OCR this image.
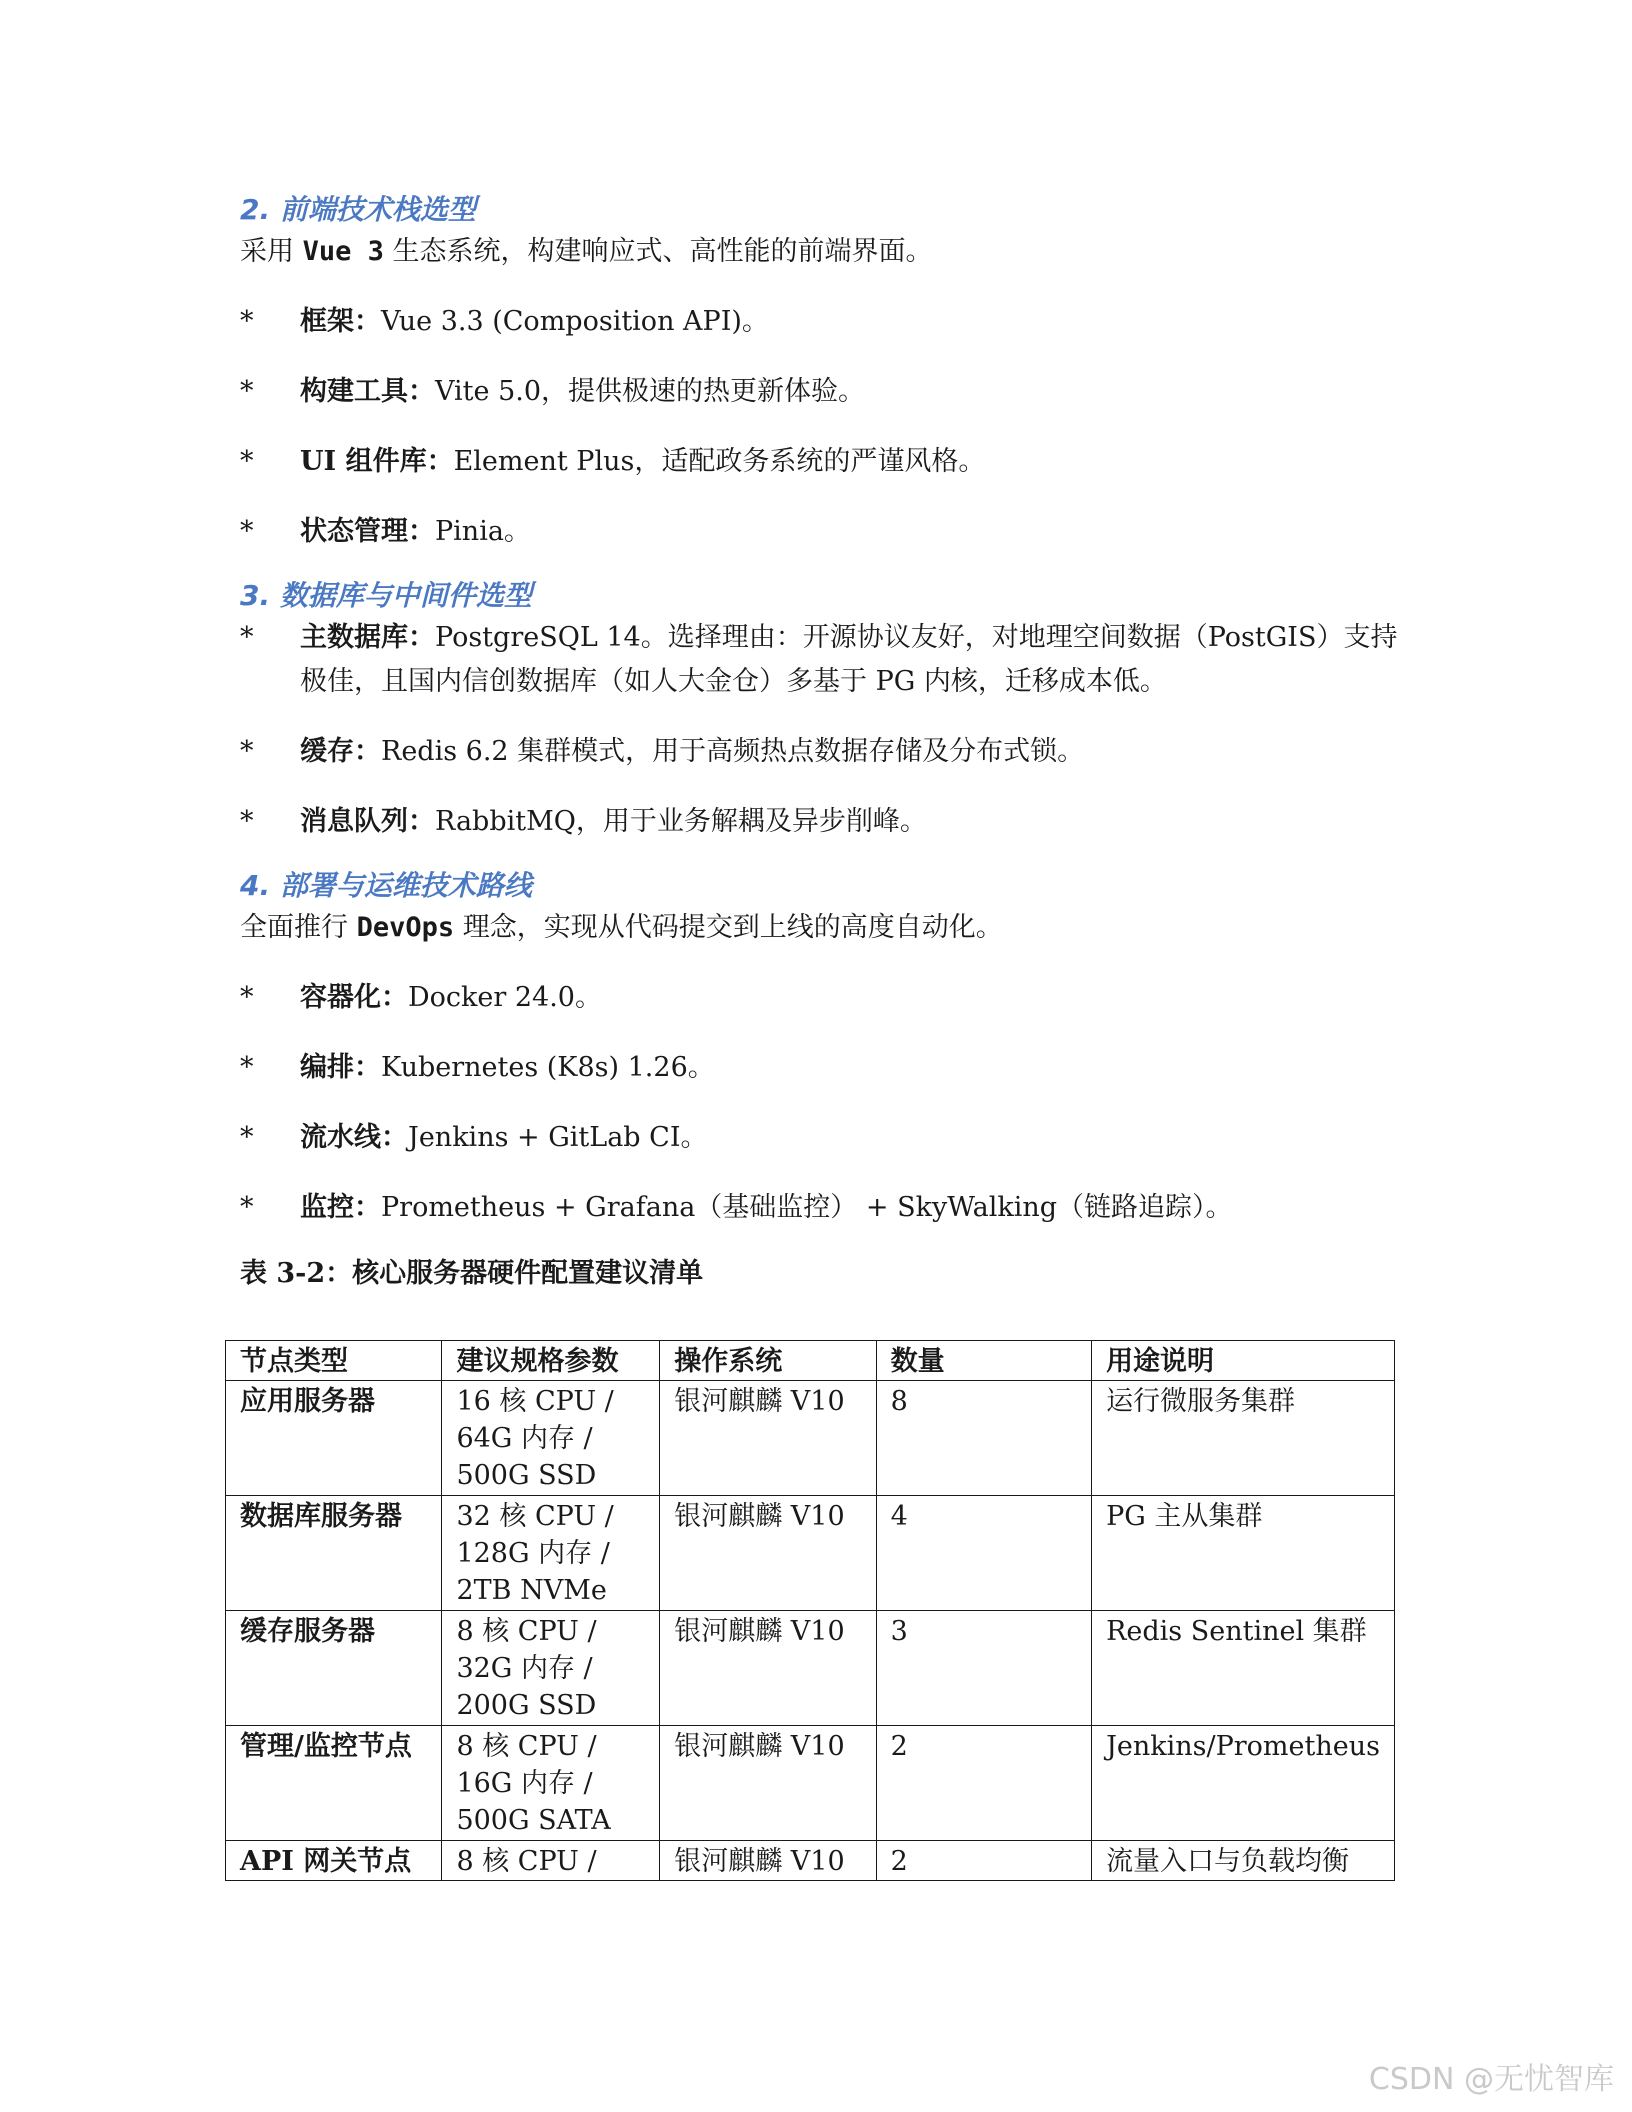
2. 前端技术栈选型

采用 Vue 3 生态系统，构建响应式、高性能的前端界面。

*	框架：Vue 3.3 (Composition API)。
*	构建工具：Vite 5.0，提供极速的热更新体验。
*	UI 组件库：Element Plus，适配政务系统的严谨风格。
*	状态管理：Pinia。

3. 数据库与中间件选型

*	主数据库：PostgreSQL 14。选择理由：开源协议友好，对地理空间数据（PostGIS）支持极佳，且国内信创数据库（如人大金仓）多基于 PG 内核，迁移成本低。
*	缓存：Redis 6.2 集群模式，用于高频热点数据存储及分布式锁。
*	消息队列：RabbitMQ，用于业务解耦及异步削峰。

4. 部署与运维技术路线

全面推行 DevOps 理念，实现从代码提交到上线的高度自动化。

*	容器化：Docker 24.0。
*	编排：Kubernetes (K8s) 1.26。
*	流水线：Jenkins + GitLab CI。
*	监控：Prometheus + Grafana（基础监控） + SkyWalking（链路追踪）。

表 3-2：核心服务器硬件配置建议清单

节点类型	建议规格参数	操作系统	数量	用途说明
应用服务器	16 核 CPU / 64G 内存 / 500G SSD	银河麒麟 V10	8	运行微服务集群
数据库服务器	32 核 CPU / 128G 内存 / 2TB NVMe	银河麒麟 V10	4	PG 主从集群
缓存服务器	8 核 CPU / 32G 内存 / 200G SSD	银河麒麟 V10	3	Redis Sentinel 集群
管理/监控节点	8 核 CPU / 16G 内存 / 500G SATA	银河麒麟 V10	2	Jenkins/Prometheus
API 网关节点	8 核 CPU /	银河麒麟 V10	2	流量入口与负载均衡
CSDN @无忧智库
